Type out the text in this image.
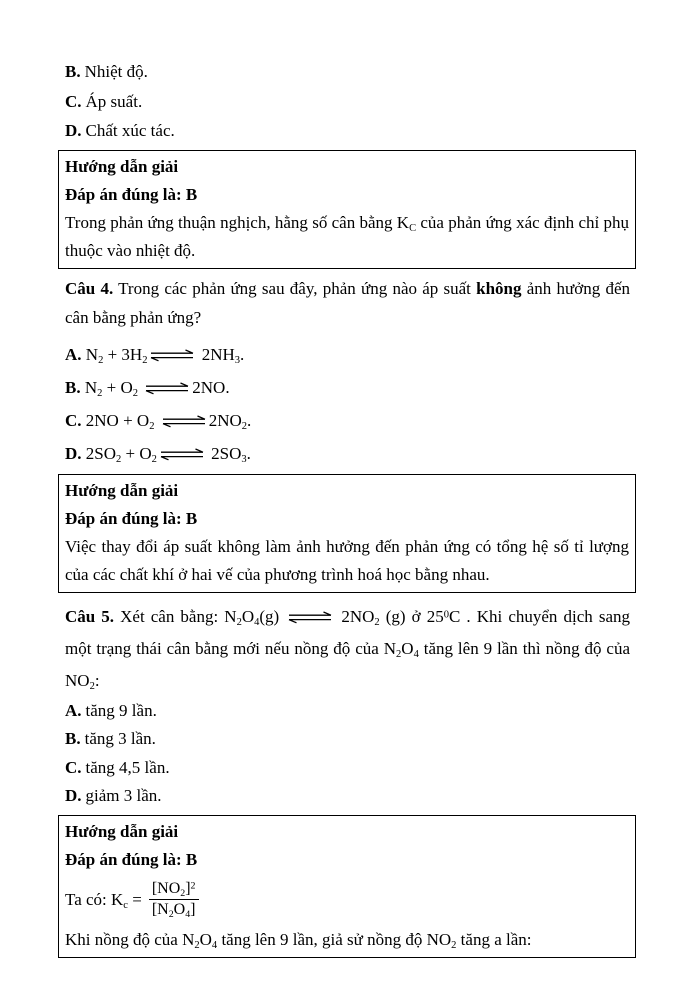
B. Nhiệt độ.

C. Áp suất.

D. Chất xúc tác.

Hướng dẫn giải

Đáp án đúng là: B

Trong phản ứng thuận nghịch, hằng số cân bằng $K_C$ của phản ứng xác định chỉ phụ thuộc vào nhiệt độ.

Câu 4. Trong các phản ứng sau đây, phản ứng nào áp suất không ảnh hưởng đến cân bằng phản ứng?

A. $N_2 + 3H_2$ ⇌ $2NH_3$.

B. $N_2 + O_2$ ⇌ 2NO.

C. $2NO + O_2$ ⇌ $2NO_2$.

D. $2SO_2 + O_2$ ⇌ $2SO_3$.

Hướng dẫn giải

Đáp án đúng là: B

Việc thay đổi áp suất không làm ảnh hưởng đến phản ứng có tổng hệ số tỉ lượng của các chất khí ở hai vế của phương trình hoá học bằng nhau.

Câu 5. Xét cân bằng: $N_2O_4(g)$ ⇌ $2NO_2$ (g) ở $25^0C$ . Khi chuyển dịch sang một trạng thái cân bằng mới nếu nồng độ của $N_2O_4$ tăng lên 9 lần thì nồng độ của $NO_2$:

A. tăng 9 lần.

B. tăng 3 lần.

C. tăng 4,5 lần.

D. giảm 3 lần.

Hướng dẫn giải

Đáp án đúng là: B

Ta có: $K_c = \frac{[NO_2]^2}{[N_2O_4]}$

Khi nồng độ của $N_2O_4$ tăng lên 9 lần, giả sử nồng độ $NO_2$ tăng a lần:
